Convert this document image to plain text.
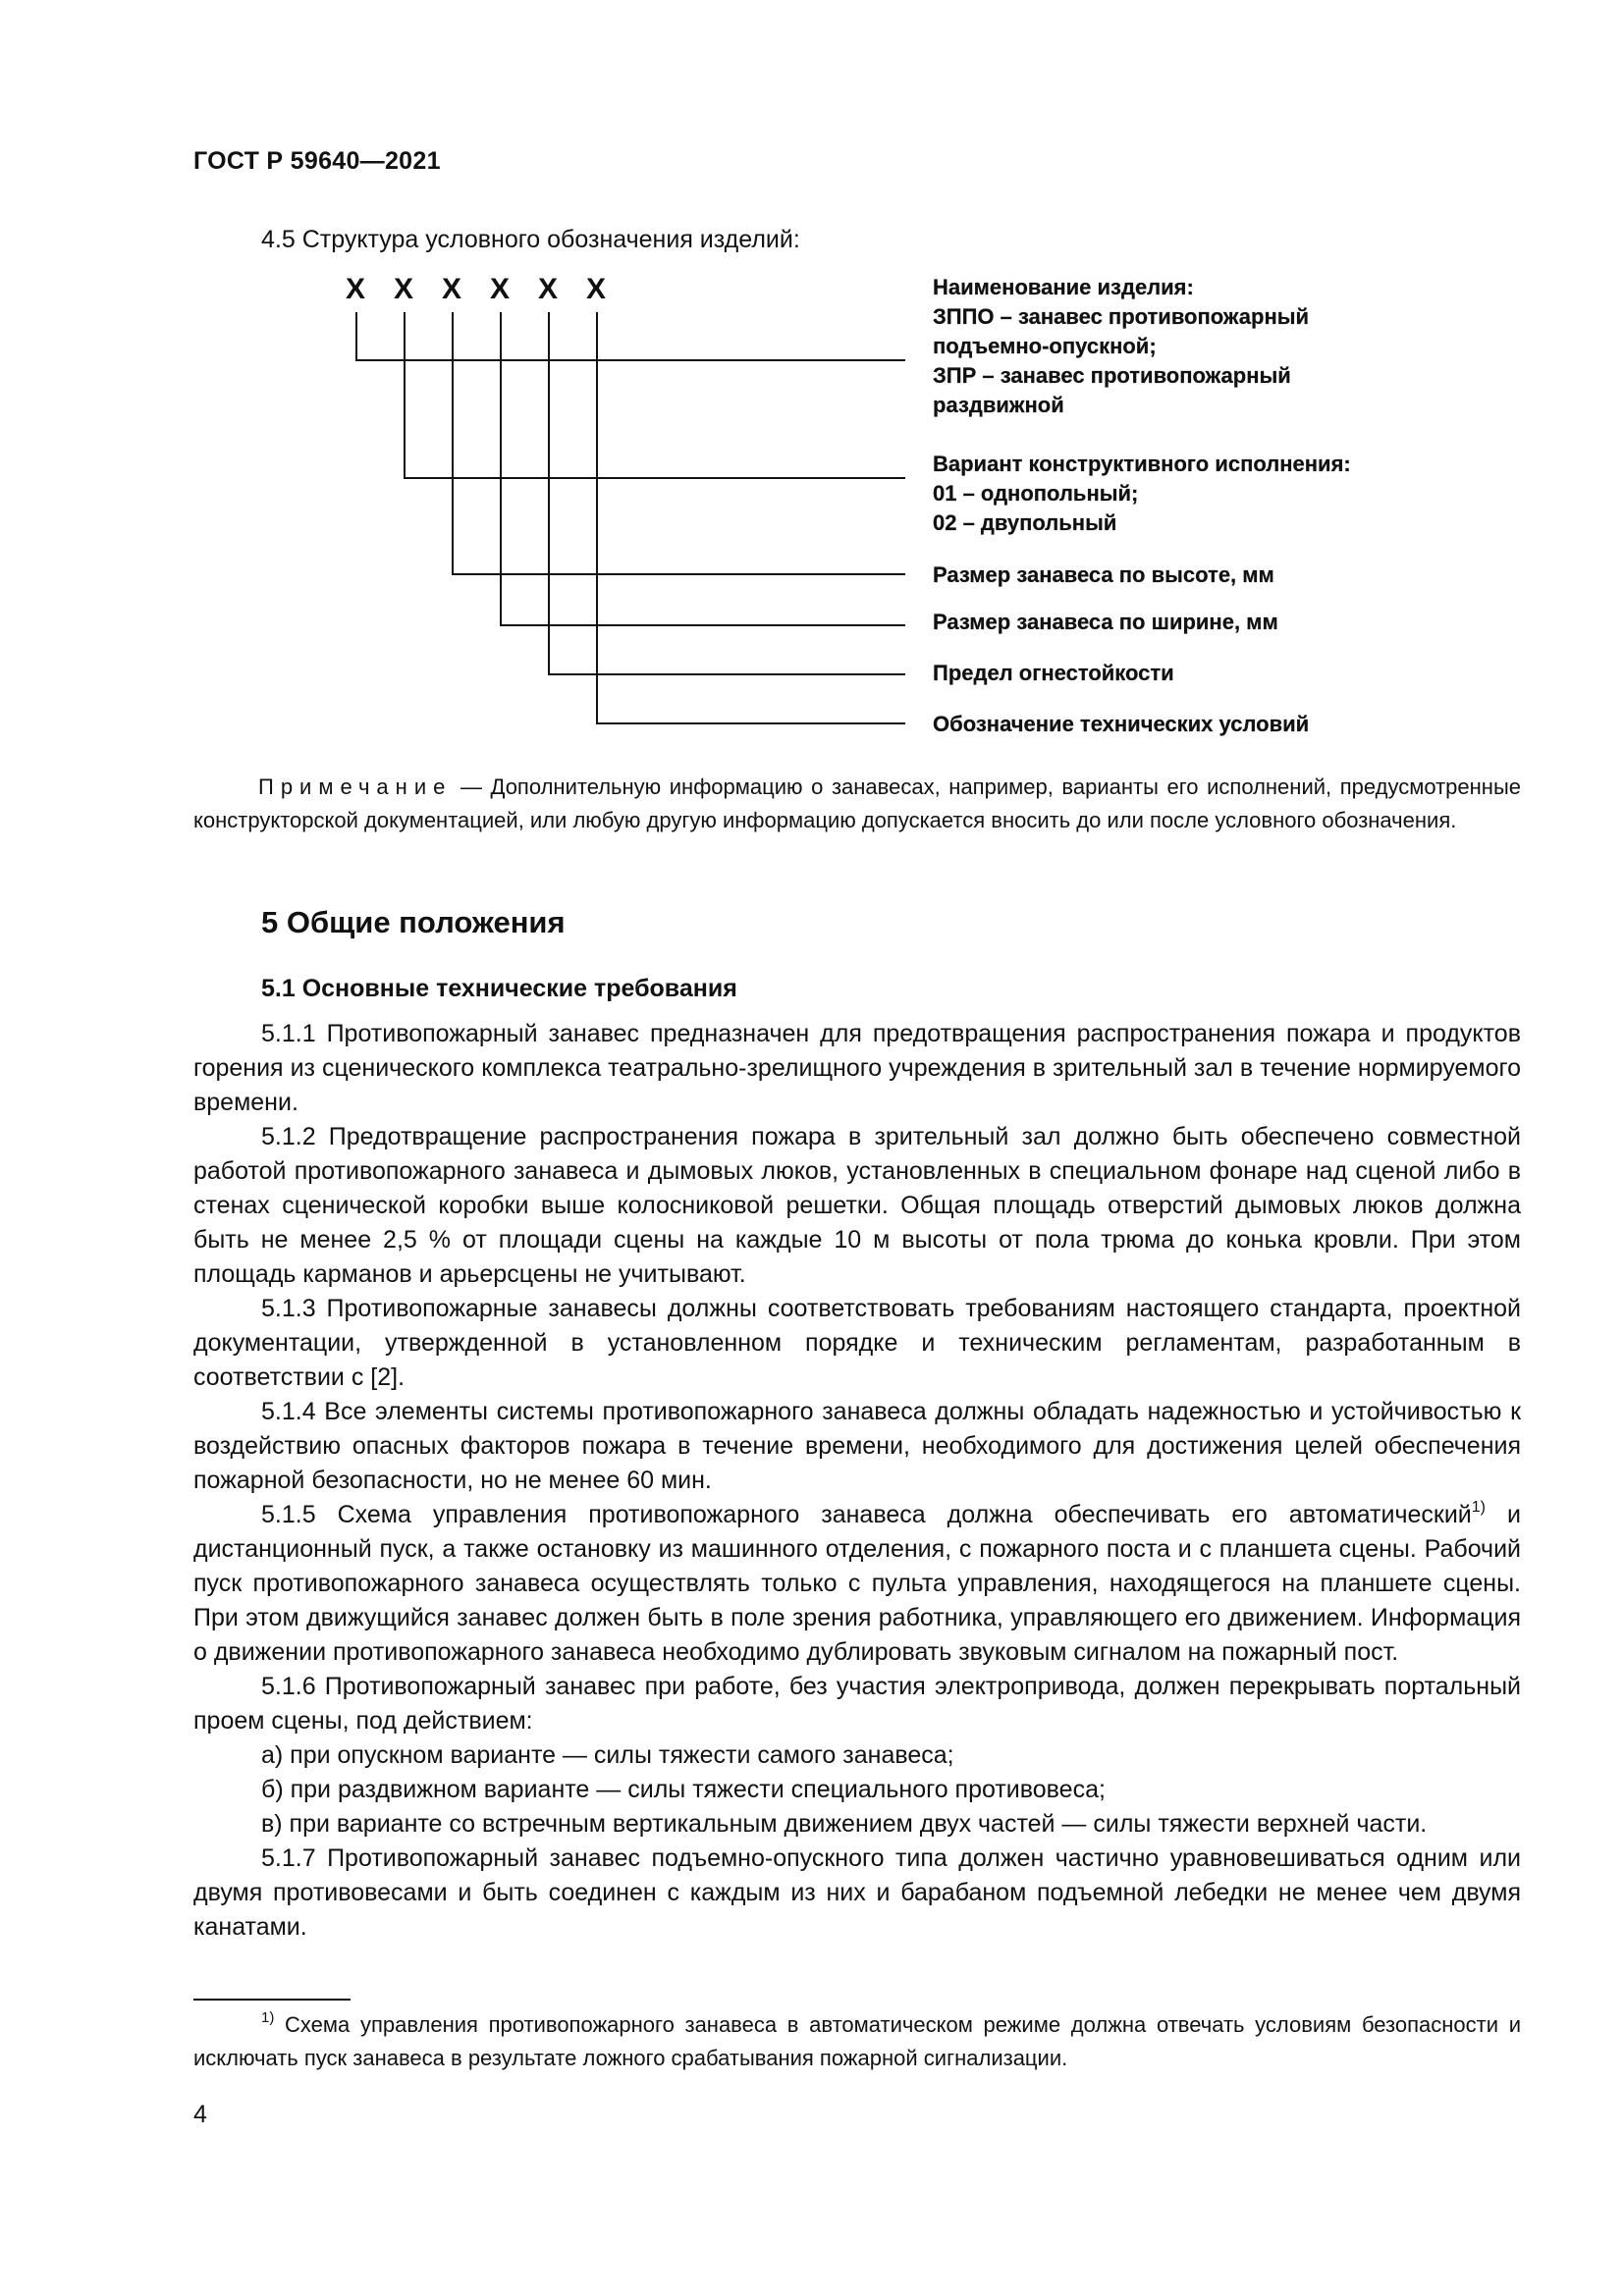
ГОСТ Р 59640—2021
4.5 Структура условного обозначения изделий:
X X X X X X	Наименование изделия:
ЗППО – занавес противопожарный
подъемно-опускной;
ЗПР – занавес противопожарный
раздвижной
Вариант конструктивного исполнения:
01 – однопольный;
02 – двупольный
Размер занавеса по высоте, мм
Размер занавеса по ширине, мм
Предел огнестойкости
Обозначение технических условий
Примечание — Дополнительную информацию о занавесах, например, варианты его исполнений, предусмотренные конструкторской документацией, или любую другую информацию допускается вносить до или после условного обозначения.
5 Общие положения
5.1 Основные технические требования
5.1.1 Противопожарный занавес предназначен для предотвращения распространения пожара и продуктов горения из сценического комплекса театрально-зрелищного учреждения в зрительный зал в течение нормируемого времени.
5.1.2 Предотвращение распространения пожара в зрительный зал должно быть обеспечено совместной работой противопожарного занавеса и дымовых люков, установленных в специальном фонаре над сценой либо в стенах сценической коробки выше колосниковой решетки. Общая площадь отверстий дымовых люков должна быть не менее 2,5 % от площади сцены на каждые 10 м высоты от пола трюма до конька кровли. При этом площадь карманов и арьерсцены не учитывают.
5.1.3 Противопожарные занавесы должны соответствовать требованиям настоящего стандарта, проектной документации, утвержденной в установленном порядке и техническим регламентам, разработанным в соответствии с [2].
5.1.4 Все элементы системы противопожарного занавеса должны обладать надежностью и устойчивостью к воздействию опасных факторов пожара в течение времени, необходимого для достижения целей обеспечения пожарной безопасности, но не менее 60 мин.
5.1.5 Схема управления противопожарного занавеса должна обеспечивать его автоматический$^{1)}$ и дистанционный пуск, а также остановку из машинного отделения, с пожарного поста и с планшета сцены. Рабочий пуск противопожарного занавеса осуществлять только с пульта управления, находящегося на планшете сцены. При этом движущийся занавес должен быть в поле зрения работника, управляющего его движением. Информация о движении противопожарного занавеса необходимо дублировать звуковым сигналом на пожарный пост.
5.1.6 Противопожарный занавес при работе, без участия электропривода, должен перекрывать портальный проем сцены, под действием:
а) при опускном варианте — силы тяжести самого занавеса;
б) при раздвижном варианте — силы тяжести специального противовеса;
в) при варианте со встречным вертикальным движением двух частей — силы тяжести верхней части.
5.1.7 Противопожарный занавес подъемно-опускного типа должен частично уравновешиваться одним или двумя противовесами и быть соединен с каждым из них и барабаном подъемной лебедки не менее чем двумя канатами.
$^{1)}$ Схема управления противопожарного занавеса в автоматическом режиме должна отвечать условиям безопасности и исключать пуск занавеса в результате ложного срабатывания пожарной сигнализации.
4
